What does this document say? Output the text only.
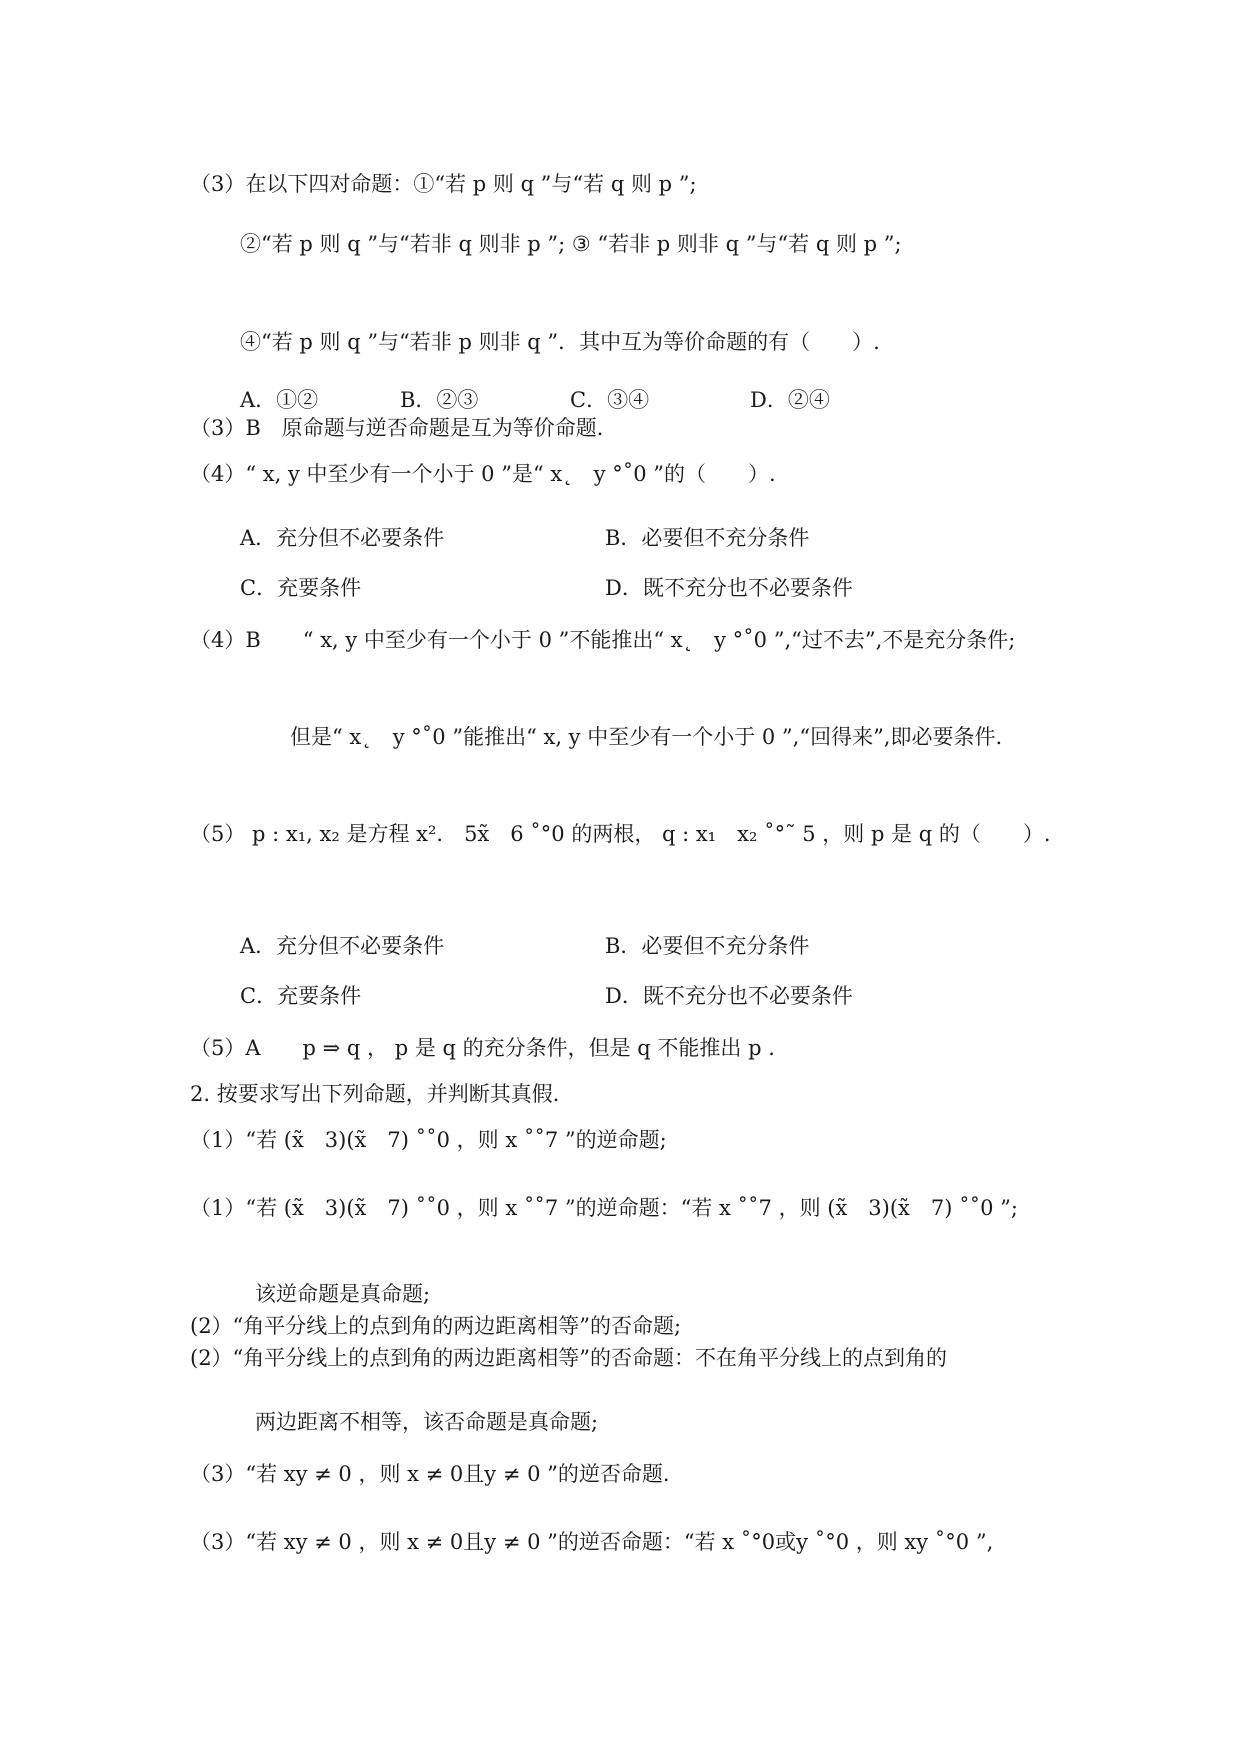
（3）在以下四对命题：①“若 p 则 q ”与“若 q 则 p ”;
②“若 p 则 q ”与“若非 q 则非 p ”; ③ “若非 p 则非 q ”与“若 q 则 p ”;
④“若 p 则 q ”与“若非 p 则非 q ”．其中互为等价命题的有（　　）.
A．①②	B．②③	C．③④	D．②④
（3）B　原命题与逆否命题是互为等价命题．
（4）“ x, y 中至少有一个小于 0 ”是“ x˛　y °˚0 ”的（　　）.
A．充分但不必要条件	B．必要但不充分条件
C．充要条件	D．既不充分也不必要条件
（4）B　　“ x, y 中至少有一个小于 0 ”不能推出“ x˛　y °˚0 ”,“过不去”,不是充分条件;
但是“ x˛　y °˚0 ”能推出“ x, y 中至少有一个小于 0 ”,“回得来”,即必要条件.
（5） p : x₁, x₂ 是方程 x².　5x̃　6 ˚°0 的两根， q : x₁　x₂ ˚°˜ 5 ，则 p 是 q 的（　　）.
A．充分但不必要条件	B．必要但不充分条件
C．充要条件	D．既不充分也不必要条件
（5）A　　p ⇒ q ， p 是 q 的充分条件，但是 q 不能推出 p .
2. 按要求写出下列命题，并判断其真假．
（1）“若 (x̃　3)(x̃　7) ˚˚0 ，则 x ˚˚7 ”的逆命题;
（1）“若 (x̃　3)(x̃　7) ˚˚0 ，则 x ˚˚7 ”的逆命题：“若 x ˚˚7 ，则 (x̃　3)(x̃　7) ˚˚0 ”;
该逆命题是真命题;
(2）“角平分线上的点到角的两边距离相等”的否命题;
(2）“角平分线上的点到角的两边距离相等”的否命题：不在角平分线上的点到角的
两边距离不相等，该否命题是真命题;
（3）“若 xy ≠ 0 ，则 x ≠ 0且y ≠ 0 ”的逆否命题.
（3）“若 xy ≠ 0 ，则 x ≠ 0且y ≠ 0 ”的逆否命题：“若 x ˚°0或y ˚°0 ，则 xy ˚°0 ”,
